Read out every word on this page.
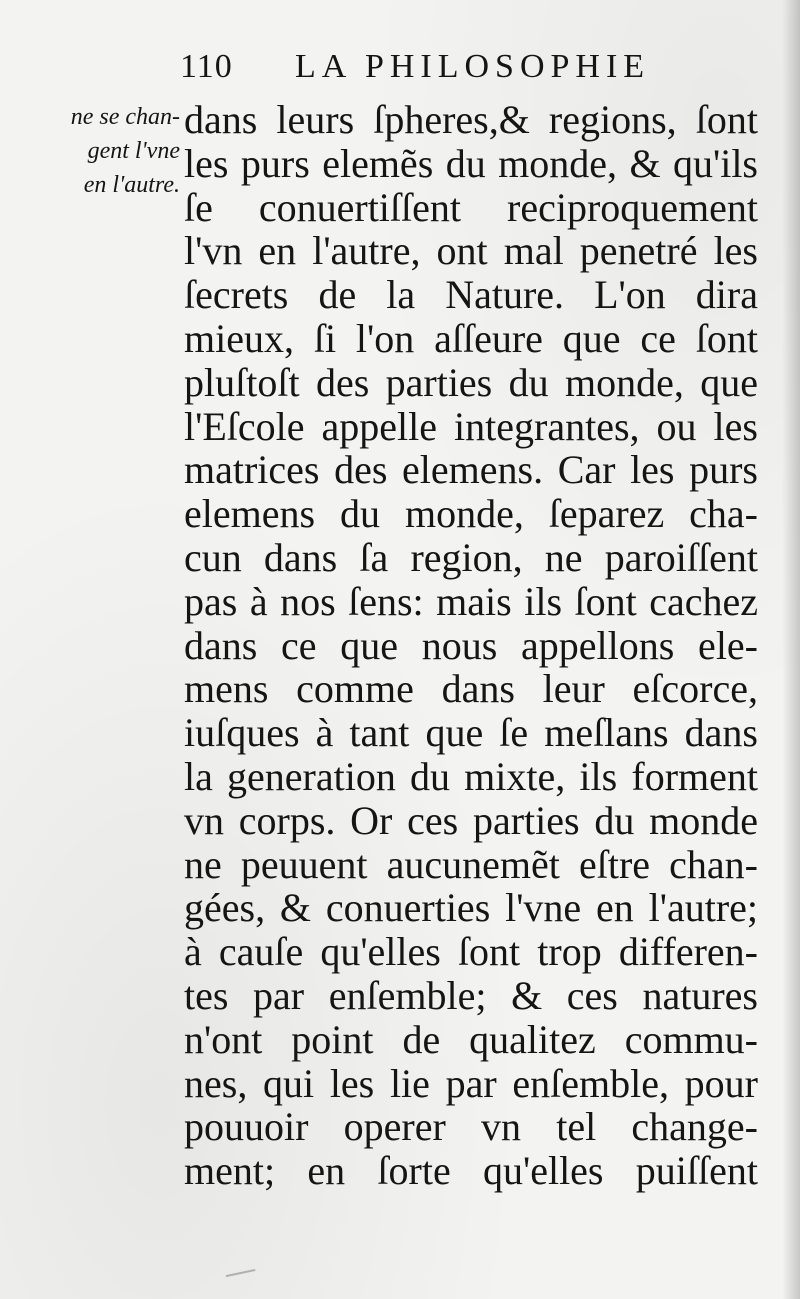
110 LA PHILOSOPHIE
ne se chan-
gent l'vne
en l'autre.
dans leurs ſpheres,& regions, ſont
les purs elemẽs du monde, & qu'ils
ſe conuertiſſent reciproquement
l'vn en l'autre, ont mal penetré les
ſecrets de la Nature. L'on dira
mieux, ſi l'on aſſeure que ce ſont
pluſtoſt des parties du monde, que
l'Eſcole appelle integrantes, ou les
matrices des elemens. Car les purs
elemens du monde, ſeparez cha-
cun dans ſa region, ne paroiſſent
pas à nos ſens: mais ils ſont cachez
dans ce que nous appellons ele-
mens comme dans leur eſcorce,
iuſques à tant que ſe meſlans dans
la generation du mixte, ils forment
vn corps. Or ces parties du monde
ne peuuent aucunemẽt eſtre chan-
gées, & conuerties l'vne en l'autre;
à cauſe qu'elles ſont trop differen-
tes par enſemble; & ces natures
n'ont point de qualitez commu-
nes, qui les lie par enſemble, pour
pouuoir operer vn tel change-
ment; en ſorte qu'elles puiſſent
